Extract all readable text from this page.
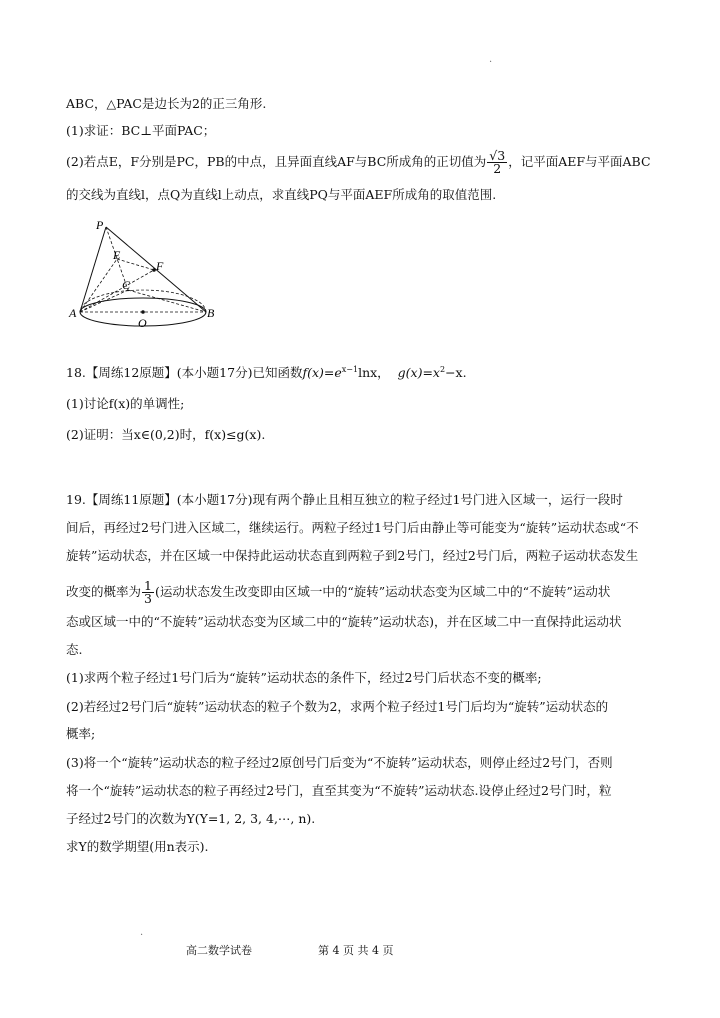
·
ABC，△PAC是边长为2的正三角形.
(1)求证：BC⊥平面PAC；
(2)若点E，F分别是PC，PB的中点，且异面直线AF与BC所成角的正切值为 $\frac{√3}{2}$ ，记平面AEF与平面ABC
的交线为直线l，点Q为直线l上动点，求直线PQ与平面AEF所成角的取值范围.
P
E
F
C
A
O
B
18.【周练12原题】(本小题17分)已知函数$f(x)=e^{x-1}\ln x$， $g(x)=x^2-x$.
(1)讨论f(x)的单调性;
(2)证明：当x∈(0,2)时，f(x)≤g(x).
19.【周练11原题】(本小题17分)现有两个静止且相互独立的粒子经过1号门进入区域一，运行一段时
间后，再经过2号门进入区域二，继续运行。两粒子经过1号门后由静止等可能变为“旋转”运动状态或“不
旋转”运动状态，并在区域一中保持此运动状态直到两粒子到2号门，经过2号门后，两粒子运动状态发生
改变的概率为 $\frac{1}{3}$ (运动状态发生改变即由区域一中的“旋转”运动状态变为区域二中的“不旋转”运动状
态或区域一中的“不旋转”运动状态变为区域二中的“旋转”运动状态)，并在区域二中一直保持此运动状
态.
(1)求两个粒子经过1号门后为“旋转”运动状态的条件下，经过2号门后状态不变的概率;
(2)若经过2号门后“旋转”运动状态的粒子个数为2，求两个粒子经过1号门后均为“旋转”运动状态的
概率;
(3)将一个“旋转”运动状态的粒子经过2原创号门后变为“不旋转”运动状态，则停止经过2号门，否则
将一个“旋转”运动状态的粒子再经过2号门，直至其变为“不旋转”运动状态.设停止经过2号门时，粒
子经过2号门的次数为Y(Y=1, 2, 3, 4,⋯, n).
求Y的数学期望(用n表示).
·
高二数学试卷	第 4 页 共 4 页
